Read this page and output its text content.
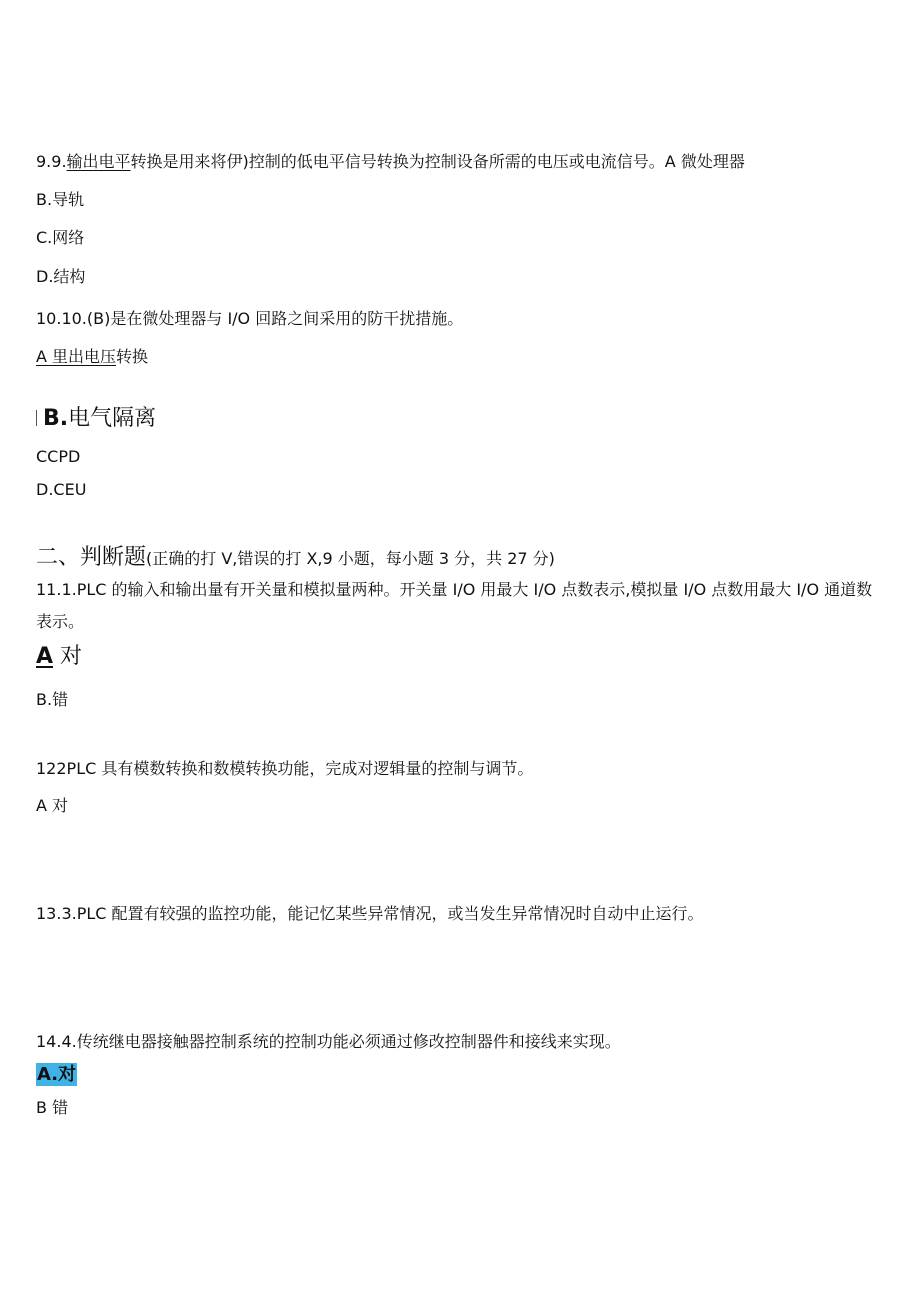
9.9.输出电平转换是用来将伊)控制的低电平信号转换为控制设备所需的电压或电流信号。A 微处理器

B.导轨

C.网络

D.结构

10.10.(B)是在微处理器与 I/O 回路之间采用的防干扰措施。

A 里出电压转换

B.电气隔离

CCPD

D.CEU

二、判断题(正确的打 V,错误的打 X,9 小题，每小题 3 分，共 27 分)

11.1.PLC 的输入和输出量有开关量和模拟量两种。开关量 I/O 用最大 I/O 点数表示,模拟量 I/O 点数用最大 I/O 通道数表示。

A 对

B.错

122PLC 具有模数转换和数模转换功能，完成对逻辑量的控制与调节。

A 对

13.3.PLC 配置有较强的监控功能，能记忆某些异常情况，或当发生异常情况时自动中止运行。

14.4.传统继电器接触器控制系统的控制功能必须通过修改控制器件和接线来实现。

A.对

B 错
